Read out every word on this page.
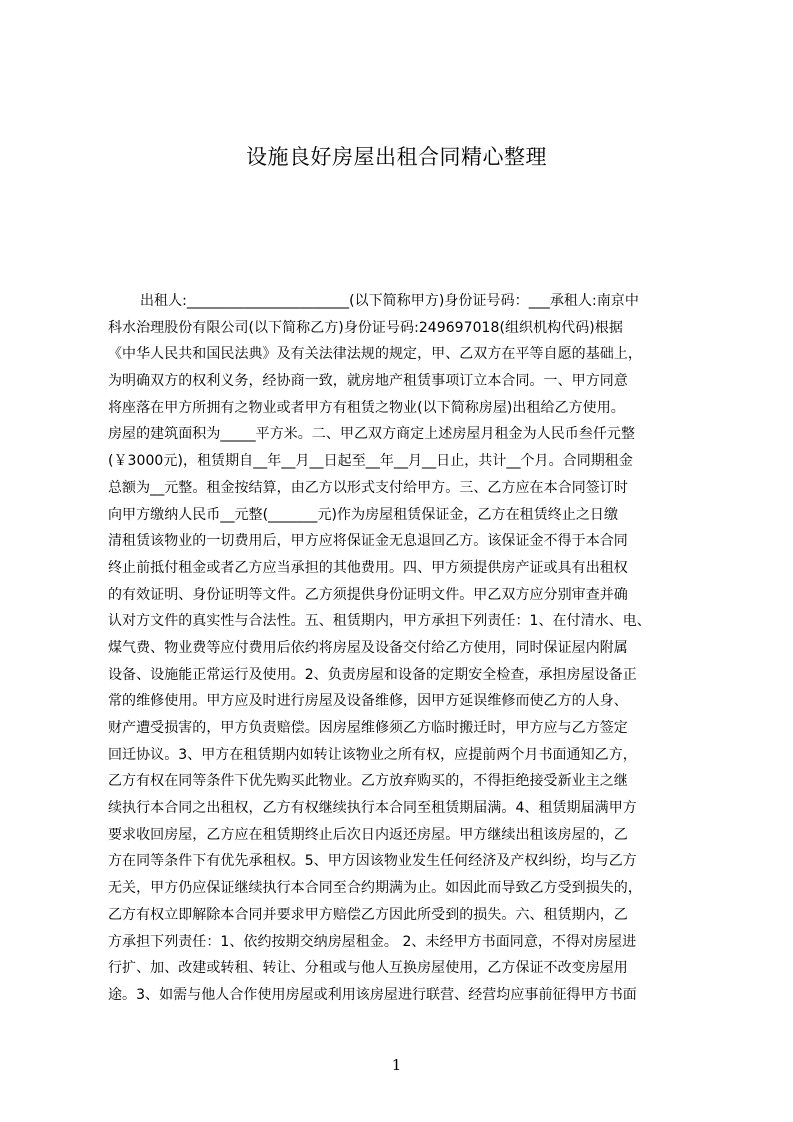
设施良好房屋出租合同精心整理
出租人:_______________________(以下简称甲方)身份证号码：___承租人:南京中
科水治理股份有限公司(以下简称乙方)身份证号码:249697018(组织机构代码)根据
《中华人民共和国民法典》及有关法律法规的规定，甲、乙双方在平等自愿的基础上，
为明确双方的权利义务，经协商一致，就房地产租赁事项订立本合同。一、甲方同意
将座落在甲方所拥有之物业或者甲方有租赁之物业(以下简称房屋)出租给乙方使用。
房屋的建筑面积为_____平方米。二、甲乙双方商定上述房屋月租金为人民币叁仟元整
(￥3000元)，租赁期自__年__月__日起至__年__月__日止，共计__个月。合同期租金
总额为__元整。租金按结算，由乙方以形式支付给甲方。三、乙方应在本合同签订时
向甲方缴纳人民币__元整(_______元)作为房屋租赁保证金，乙方在租赁终止之日缴
清租赁该物业的一切费用后，甲方应将保证金无息退回乙方。该保证金不得于本合同
终止前抵付租金或者乙方应当承担的其他费用。四、甲方须提供房产证或具有出租权
的有效证明、身份证明等文件。乙方须提供身份证明文件。甲乙双方应分别审查并确
认对方文件的真实性与合法性。五、租赁期内，甲方承担下列责任：1、在付清水、电、
煤气费、物业费等应付费用后依约将房屋及设备交付给乙方使用，同时保证屋内附属
设备、设施能正常运行及使用。2、负责房屋和设备的定期安全检查，承担房屋设备正
常的维修使用。甲方应及时进行房屋及设备维修，因甲方延误维修而使乙方的人身、
财产遭受损害的，甲方负责赔偿。因房屋维修须乙方临时搬迁时，甲方应与乙方签定
回迁协议。3、甲方在租赁期内如转让该物业之所有权，应提前两个月书面通知乙方，
乙方有权在同等条件下优先购买此物业。乙方放弃购买的，不得拒绝接受新业主之继
续执行本合同之出租权，乙方有权继续执行本合同至租赁期届满。4、租赁期届满甲方
要求收回房屋，乙方应在租赁期终止后次日内返还房屋。甲方继续出租该房屋的，乙
方在同等条件下有优先承租权。5、甲方因该物业发生任何经济及产权纠纷，均与乙方
无关，甲方仍应保证继续执行本合同至合约期满为止。如因此而导致乙方受到损失的，
乙方有权立即解除本合同并要求甲方赔偿乙方因此所受到的损失。六、租赁期内，乙
方承担下列责任：1、依约按期交纳房屋租金。 2、未经甲方书面同意，不得对房屋进
行扩、加、改建或转租、转让、分租或与他人互换房屋使用，乙方保证不改变房屋用
途。3、如需与他人合作使用房屋或利用该房屋进行联营、经营均应事前征得甲方书面
1
